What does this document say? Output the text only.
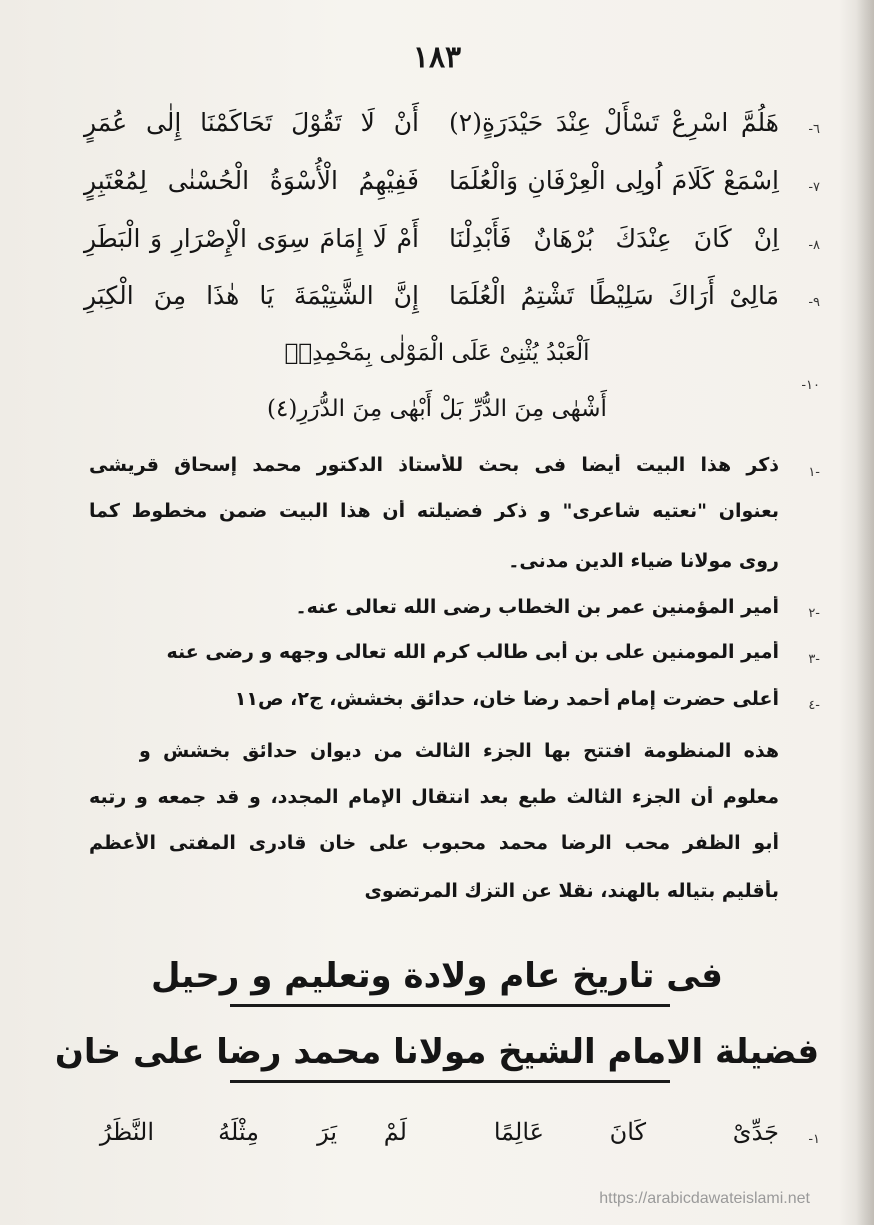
١٨٣
٦-
هَلُمَّ اسْرِعْ تَسْأَلْ عِنْدَ حَيْدَرَةٍ(٢)
أَنْ لَا تَقُوْلَ تَحَاكَمْنَا إِلٰى عُمَرٍ
٧-
اِسْمَعْ كَلَامَ اُولِى الْعِرْفَانِ وَالْعُلَمَا
فَفِيْهِمُ الْأُسْوَةُ الْحُسْنٰى لِمُعْتَبِرٍ
٨-
اِنْ كَانَ عِنْدَكَ بُرْهَانٌ فَأَبْدِلْنَا
أَمْ لَا إِمَامَ سِوَى الْإِصْرَارِ وَ الْبَطَرِ
٩-
مَالِىْ أَرَاكَ سَلِيْطًا تَشْتِمُ الْعُلَمَا
إِنَّ الشَّتِيْمَةَ يَا هٰذَا مِنَ الْكِبَرِ
١٠-
اَلْعَبْدُ يُثْنِىْ عَلَى الْمَوْلٰى بِمَحْمِدِهٖ
أَشْهٰى مِنَ الدُّرِّ بَلْ أَبْهٰى مِنَ الدُّرَرِ(٤)
١-
ذكر هذا البيت أيضا فى بحث للأستاذ الدكتور محمد إسحاق قريشى
بعنوان "نعتيه شاعرى" و ذكر فضيلته أن هذا البيت ضمن مخطوط كما
روى مولانا ضياء الدين مدنى۔
٢-
أمير المؤمنين عمر بن الخطاب رضى الله تعالى عنه۔
٣-
أمير المومنين على بن أبى طالب كرم الله تعالى وجهه و رضى عنه
٤-
أعلى حضرت إمام أحمد رضا خان، حدائق بخشش، ج٢، ص١١
هذه المنظومة افتتح بها الجزء الثالث من ديوان حدائق بخشش و
معلوم أن الجزء الثالث طبع بعد انتقال الإمام المجدد، و قد جمعه و رتبه
أبو الظفر محب الرضا محمد محبوب على خان قادرى المفتى الأعظم
بأقليم بتياله بالهند، نقلا عن التزك المرتضوى
فى تاريخ عام ولادة وتعليم و رحيل
فضيلة الامام الشيخ مولانا محمد رضا على خان
١-
جَدِّىْ
كَانَ
عَالِمًا
لَمْ
يَرَ
مِثْلَهُ
النَّظَرُ
https://arabicdawateislami.net
